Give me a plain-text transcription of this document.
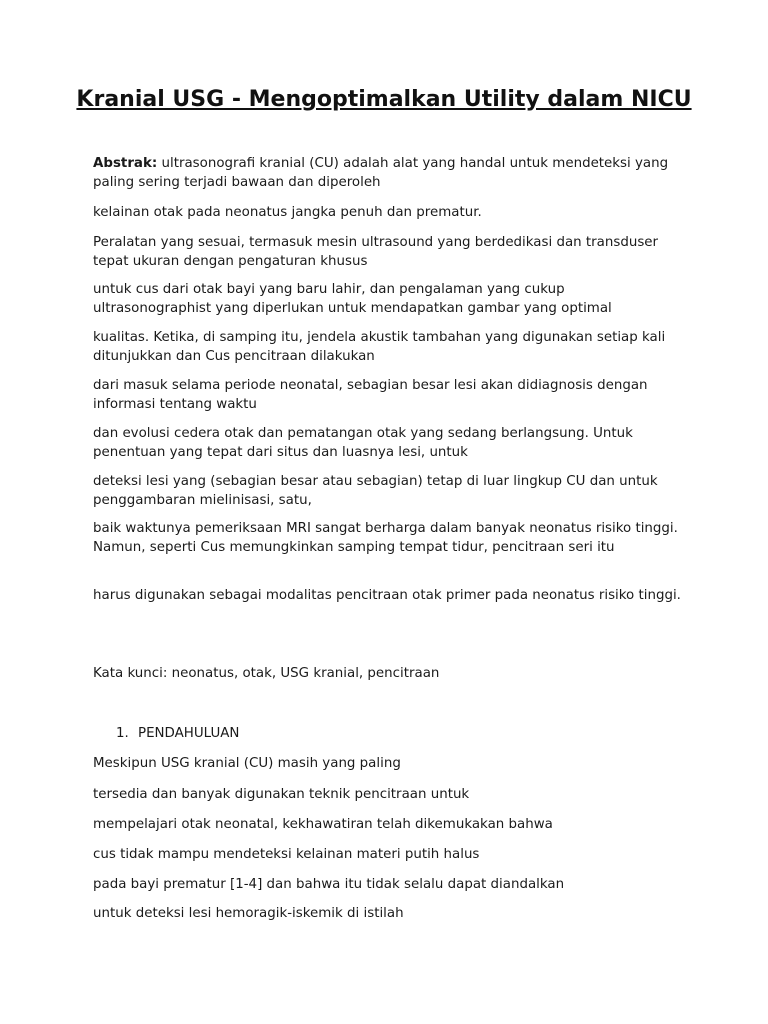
Kranial USG - Mengoptimalkan Utility dalam NICU

Abstrak: ultrasonografi kranial (CU) adalah alat yang handal untuk mendeteksi yang paling sering terjadi bawaan dan diperoleh

kelainan otak pada neonatus jangka penuh dan prematur.

Peralatan yang sesuai, termasuk mesin ultrasound yang berdedikasi dan transduser tepat ukuran dengan pengaturan khusus

untuk cus dari otak bayi yang baru lahir, dan pengalaman yang cukup ultrasonographist yang diperlukan untuk mendapatkan gambar yang optimal

kualitas. Ketika, di samping itu, jendela akustik tambahan yang digunakan setiap kali ditunjukkan dan Cus pencitraan dilakukan

dari masuk selama periode neonatal, sebagian besar lesi akan didiagnosis dengan informasi tentang waktu

dan evolusi cedera otak dan pematangan otak yang sedang berlangsung. Untuk penentuan yang tepat dari situs dan luasnya lesi, untuk

deteksi lesi yang (sebagian besar atau sebagian) tetap di luar lingkup CU dan untuk penggambaran mielinisasi, satu,

baik waktunya pemeriksaan MRI sangat berharga dalam banyak neonatus risiko tinggi. Namun, seperti Cus memungkinkan samping tempat tidur, pencitraan seri itu

harus digunakan sebagai modalitas pencitraan otak primer pada neonatus risiko tinggi.

Kata kunci: neonatus, otak, USG kranial, pencitraan

1. PENDAHULUAN

Meskipun USG kranial (CU) masih yang paling

tersedia dan banyak digunakan teknik pencitraan untuk

mempelajari otak neonatal, kekhawatiran telah dikemukakan bahwa

cus tidak mampu mendeteksi kelainan materi putih halus

pada bayi prematur [1-4] dan bahwa itu tidak selalu dapat diandalkan

untuk deteksi lesi hemoragik-iskemik di istilah
